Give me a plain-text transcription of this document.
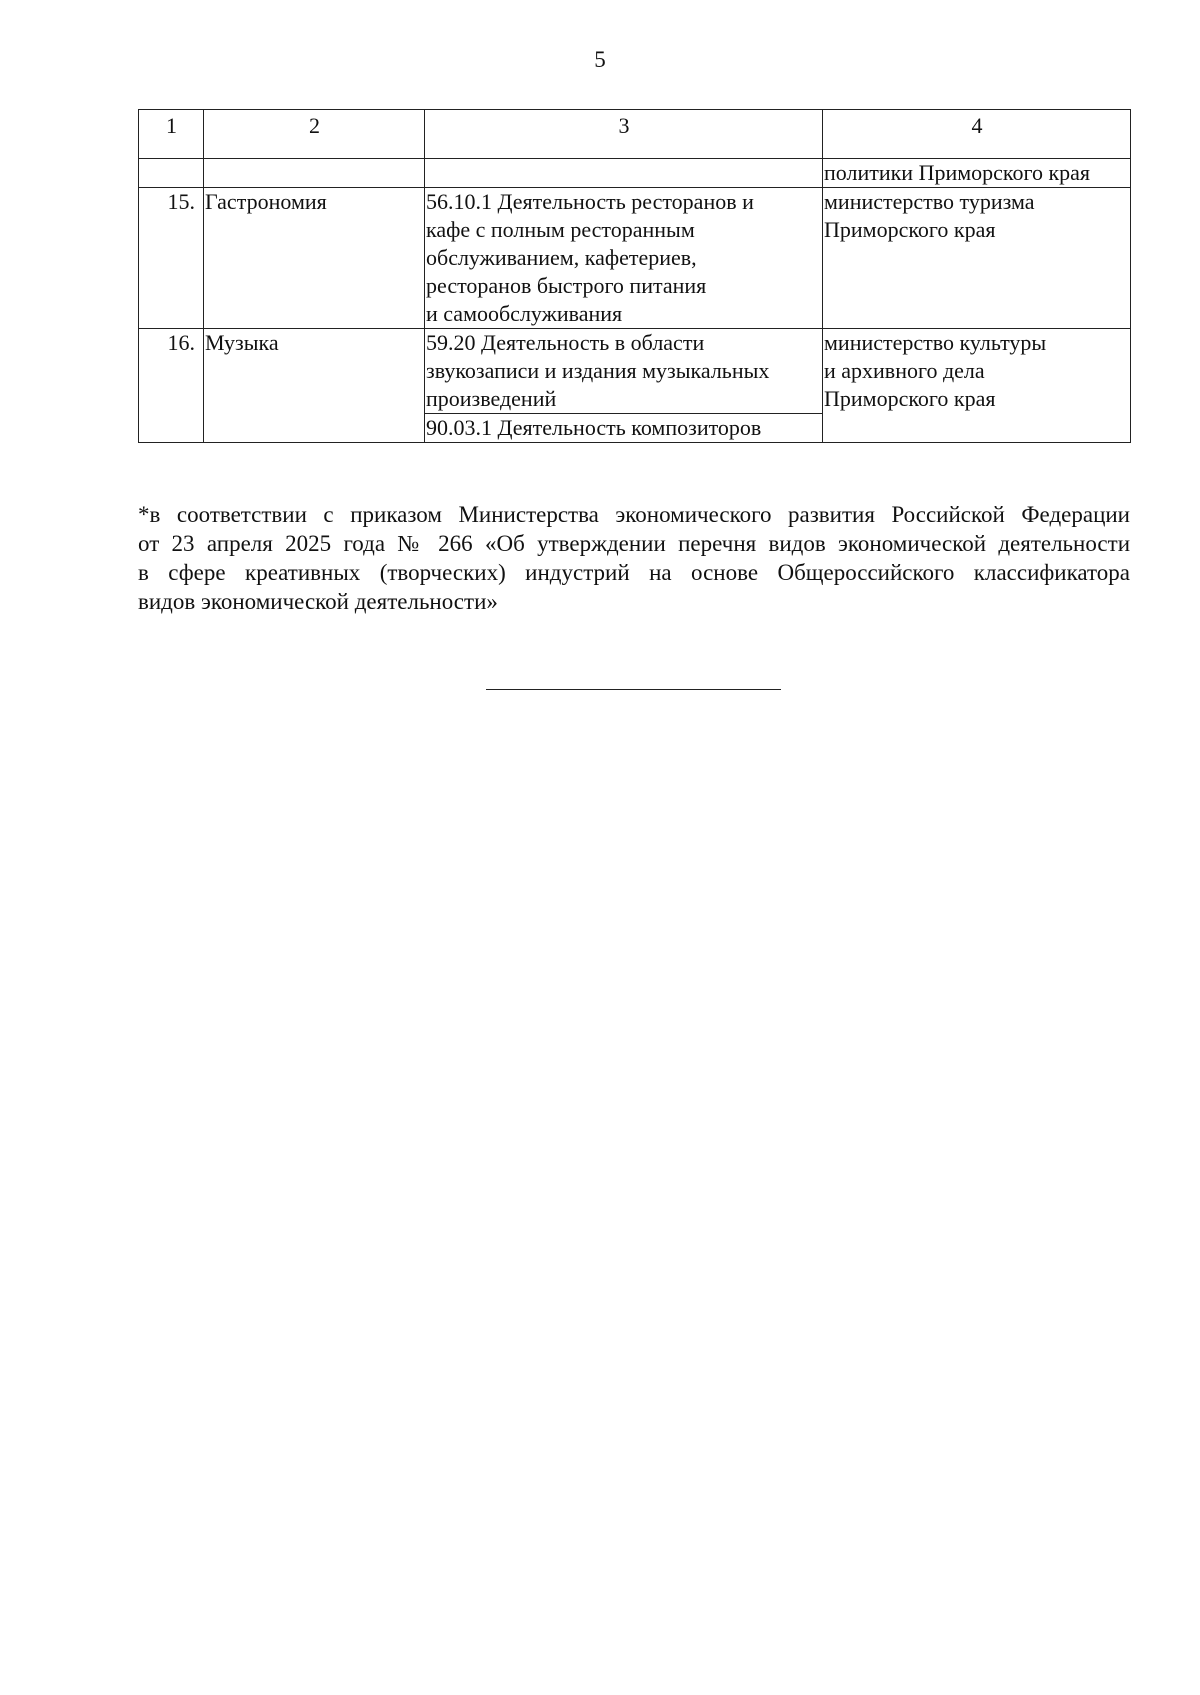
5
1	2	3	4
			политики Приморского края
15.	Гастрономия	56.10.1 Деятельность ресторанов и
кафе с полным ресторанным
обслуживанием, кафетериев,
ресторанов быстрого питания
и самообслуживания	министерство туризма
Приморского края

16.	Музыка	59.20 Деятельность в области
звукозаписи и издания музыкальных
произведений	министерство культуры
и архивного дела
Приморского края

		90.03.1 Деятельность композиторов	
*в соответствии с приказом Министерства экономического развития Российской Федерации
от 23 апреля 2025 года № 266 «Об утверждении перечня видов экономической деятельности
в сфере креативных (творческих) индустрий на основе Общероссийского классификатора
видов экономической деятельности»
